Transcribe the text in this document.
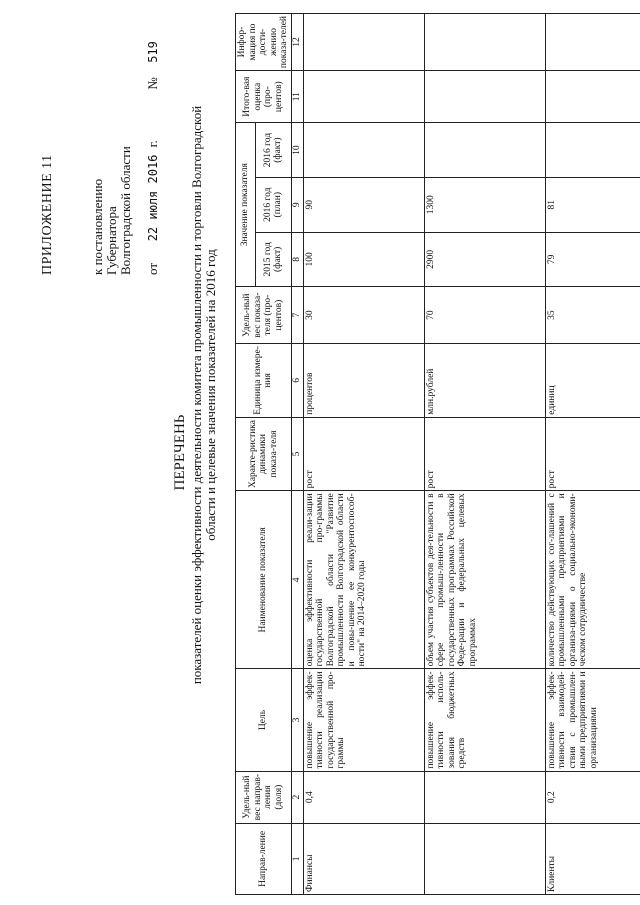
ПРИЛОЖЕНИЕ 11	к постановлению Губернатора Волгоградской области от   22 июля 2016 г.       №  519
ПЕРЕЧЕНЬ показателей оценки эффективности деятельности комитета промышленности и торговли Волгоградской области и целевые значения показателей на 2016 год
Направ-ление	Удель-ный вес направ-ления (доля)	Цель	Наименование показателя	Характе-ристика динамики показа-теля	Единица измере-ния	Удель-ный вес показа-теля (про-центов)	Значение показателя			Итого-вая оценка (про-центов)	Инфор-мация по дости-жению показа-телей
							2015 год (факт)	2016 год (план)	2016 год (факт)		
1	2	3	4	5	6	7	8	9	10	11	12
Финансы	0,4	повышение эффек-тивности реализации государственной про-граммы	оценка эффективности реали-зации государственной про-граммы Волгоградской области "Развитие промышленности Волгоградской области и повы-шение ее конкурентоспособ-ности" на 2014–2020 годы	рост	процентов	30	100	90			
		повышение эффек-тивности исполь-зования бюджетных средств	объем участия субъектов дея-тельности в сфере промыш-ленности в государственных программах Российской Феде-рации и федеральных целевых программах	рост	млн.рублей	70	2900	1300			
Клиенты	0,2	повышение эффек-тивности взаимодей-ствия с промышлен-ными предприятиями и организациями	количество действующих сог-лашений с промышленными предприятиями и организа-циями о социально-экономи-ческом сотрудничестве	рост	единиц	35	79	81			
